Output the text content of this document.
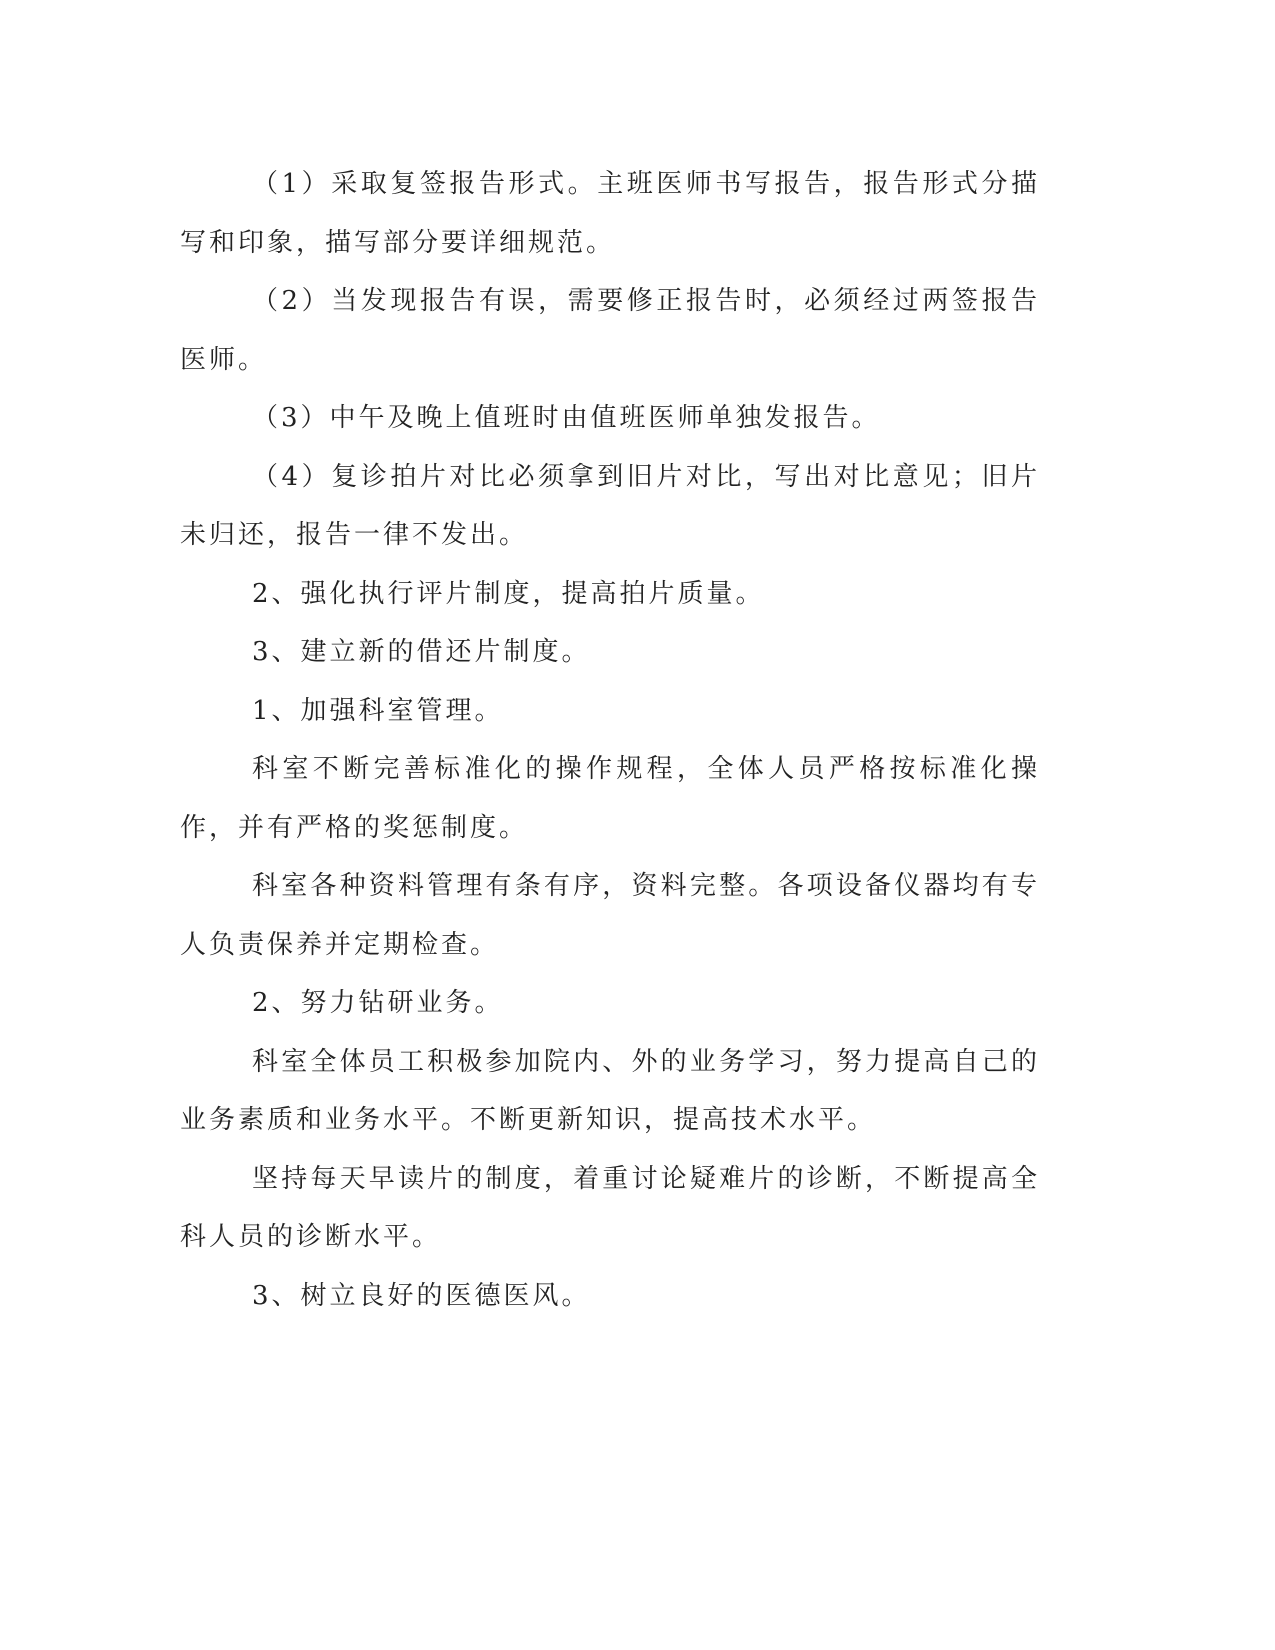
（1）采取复签报告形式。主班医师书写报告，报告形式分描写和印象，描写部分要详细规范。

（2）当发现报告有误，需要修正报告时，必须经过两签报告医师。

（3）中午及晚上值班时由值班医师单独发报告。

（4）复诊拍片对比必须拿到旧片对比，写出对比意见；旧片未归还，报告一律不发出。

2、强化执行评片制度，提高拍片质量。

3、建立新的借还片制度。

1、加强科室管理。

科室不断完善标准化的操作规程，全体人员严格按标准化操作，并有严格的奖惩制度。

科室各种资料管理有条有序，资料完整。各项设备仪器均有专人负责保养并定期检查。

2、努力钻研业务。

科室全体员工积极参加院内、外的业务学习，努力提高自己的业务素质和业务水平。不断更新知识，提高技术水平。

坚持每天早读片的制度，着重讨论疑难片的诊断，不断提高全科人员的诊断水平。

3、树立良好的医德医风。
